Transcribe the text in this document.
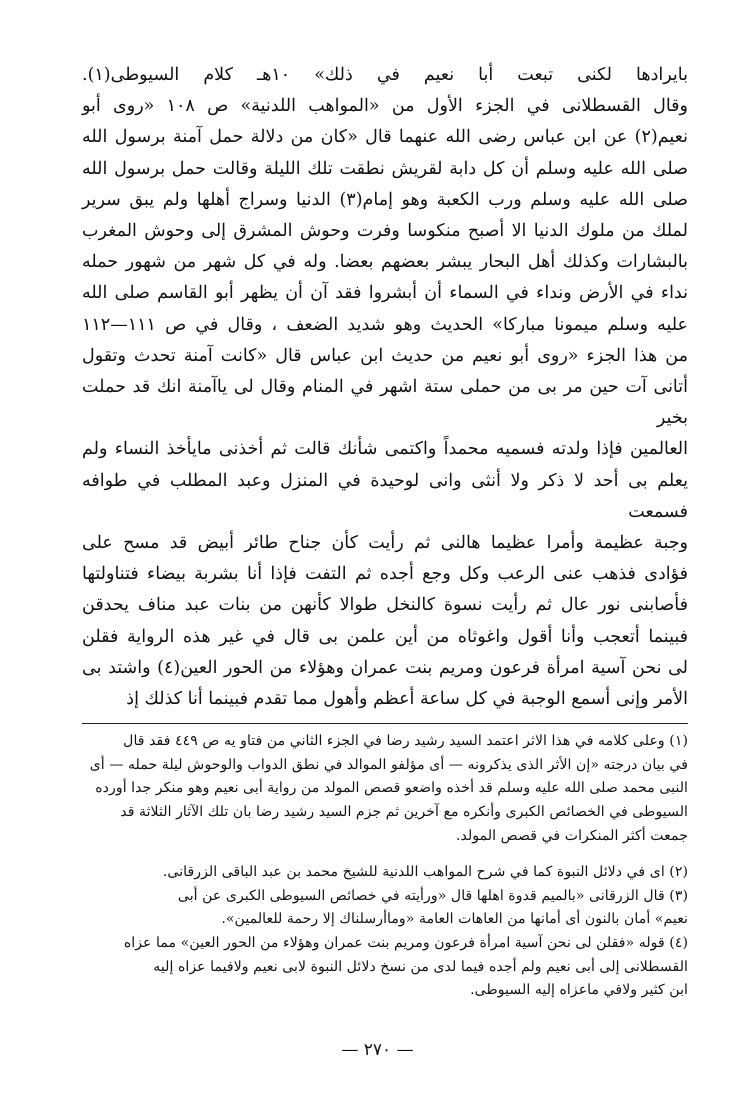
بايرادها لكنى تبعت أبا نعيم في ذلك» ١٠هـ كلام السيوطى(١).

وقال القسطلانى في الجزء الأول من «المواهب اللدنية» ص ١٠٨ «روى أبو

نعيم(٢) عن ابن عباس رضى الله عنهما قال «كان من دلالة حمل آمنة برسول الله

صلى الله عليه وسلم أن كل دابة لقريش نطقت تلك الليلة وقالت حمل برسول الله

صلى الله عليه وسلم ورب الكعبة وهو إمام(٣) الدنيا وسراج أهلها ولم يبق سرير

لملك من ملوك الدنيا الا أصبح منكوسا وفرت وحوش المشرق إلى وحوش المغرب

بالبشارات وكذلك أهل البحار يبشر بعضهم بعضا. وله في كل شهر من شهور حمله

نداء في الأرض ونداء في السماء أن أبشروا فقد آن أن يظهر أبو القاسم صلى الله

عليه وسلم ميمونا مباركا» الحديث وهو شديد الضعف ، وقال في ص ١١١—١١٢

من هذا الجزء «روى أبو نعيم من حديث ابن عباس قال «كانت آمنة تحدث وتقول

أتانى آت حين مر بى من حملى ستة اشهر في المنام وقال لى ياآمنة انك قد حملت بخير

العالمين فإذا ولدته فسميه محمداً واكتمى شأنك قالت ثم أخذنى مايأخذ النساء ولم

يعلم بى أحد لا ذكر ولا أنثى وانى لوحيدة في المنزل وعبد المطلب في طوافه فسمعت

وجبة عظيمة وأمرا عظيما هالنى ثم رأيت كأن جناح طائر أبيض قد مسح على

فؤادى فذهب عنى الرعب وكل وجع أجده ثم التفت فإذا أنا بشربة بيضاء فتناولتها

فأصابنى نور عال ثم رأيت نسوة كالنخل طوالا كأنهن من بنات عبد مناف يحدقن

فبينما أتعجب وأنا أقول واغوثاه من أين علمن بى قال في غير هذه الرواية فقلن

لى نحن آسية امرأة فرعون ومريم بنت عمران وهؤلاء من الحور العين(٤) واشتد بى

الأمر وإنى أسمع الوجبة في كل ساعة أعظم وأهول مما تقدم فبينما أنا كذلك إذ

(١) وعلى كلامه في هذا الاثر اعتمد السيد رشيد رضا في الجزء الثاني من فتاو يه ص ٤٤٩ فقد قال

في بيان درجته «إن الأثر الذى يذكرونه — أى مؤلفو الموالد في نطق الدواب والوحوش ليلة حمله — أى

النبى محمد صلى الله عليه وسلم قد أخذه واضعو قصص المولد من رواية أبى نعيم وهو منكر جدا أورده

السيوطى في الخصائص الكبرى وأنكره مع آخرين ثم جزم السيد رشيد رضا بان تلك الآثار الثلاثة قد

جمعت أكثر المنكرات في قصص المولد.

(٢) اى في دلائل النبوة كما في شرح المواهب اللدنية للشيخ محمد بن عبد الباقى الزرقانى.

(٣) قال الزرقانى «بالميم قدوة اهلها قال «ورأيته في خصائص السيوطى الكبرى عن أبى

نعيم» أمان بالنون أى أمانها من العاهات العامة «وماأرسلناك إلا رحمة للعالمين».

(٤) قوله «فقلن لى نحن آسية امرأة فرعون ومريم بنت عمران وهؤلاء من الحور العين» مما عزاه

القسطلانى إلى أبى نعيم ولم أجده فيما لدى من نسخ دلائل النبوة لابى نعيم ولافيما عزاه إليه

ابن كثير ولافي ماعزاه إليه السيوطى.

— ٢٧٠ —
